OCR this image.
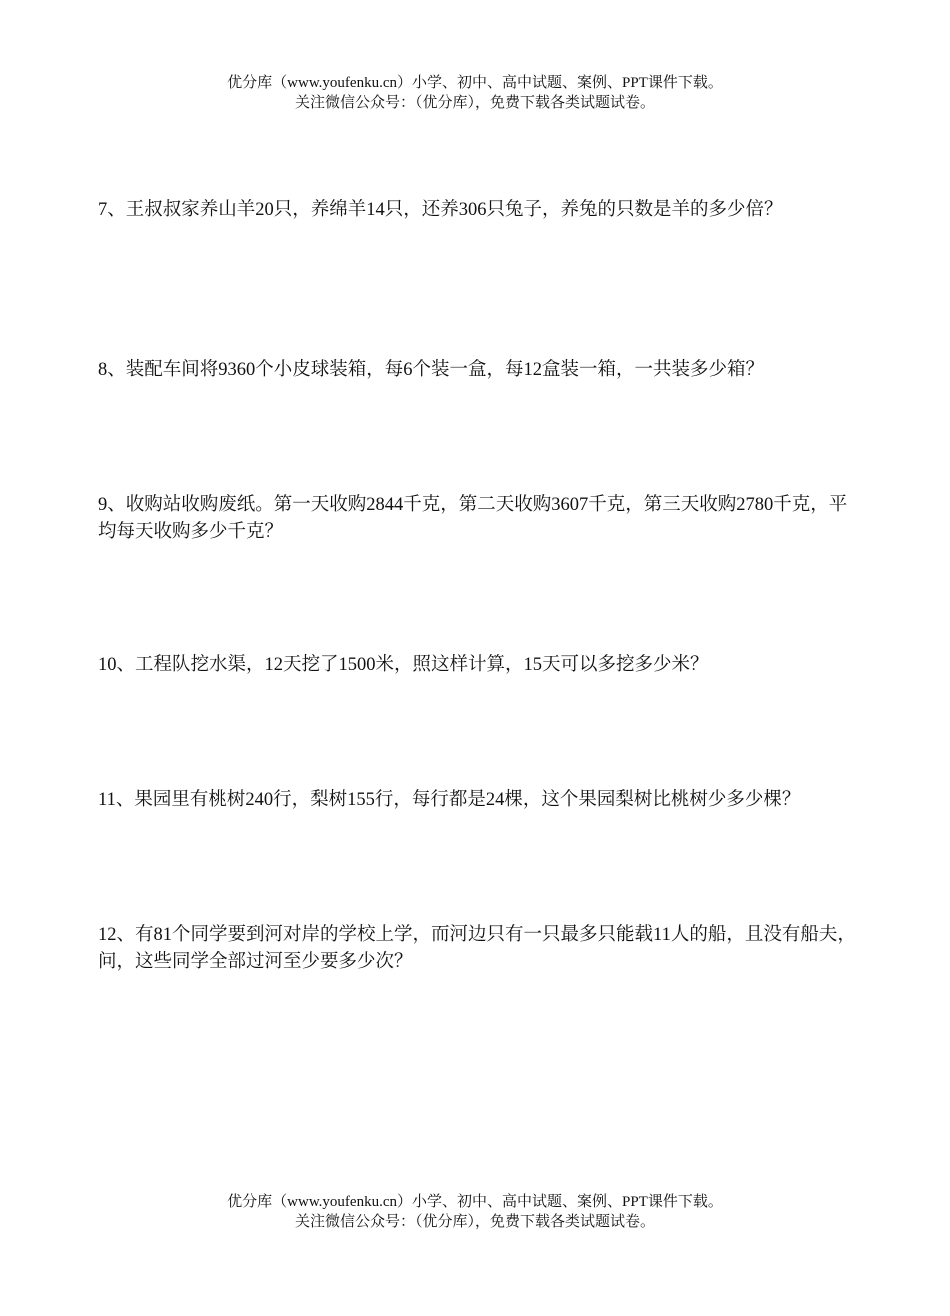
优分库（www.youfenku.cn）小学、初中、高中试题、案例、PPT课件下载。
关注微信公众号：（优分库），免费下载各类试题试卷。
7、王叔叔家养山羊20只，养绵羊14只，还养306只兔子，养兔的只数是羊的多少倍？
8、装配车间将9360个小皮球装箱，每6个装一盒，每12盒装一箱，一共装多少箱？
9、收购站收购废纸。第一天收购2844千克，第二天收购3607千克，第三天收购2780千克，平均每天收购多少千克？
10、工程队挖水渠，12天挖了1500米，照这样计算，15天可以多挖多少米？
11、果园里有桃树240行，梨树155行，每行都是24棵，这个果园梨树比桃树少多少棵？
12、有81个同学要到河对岸的学校上学，而河边只有一只最多只能载11人的船，且没有船夫，问，这些同学全部过河至少要多少次？
优分库（www.youfenku.cn）小学、初中、高中试题、案例、PPT课件下载。
关注微信公众号：（优分库），免费下载各类试题试卷。
